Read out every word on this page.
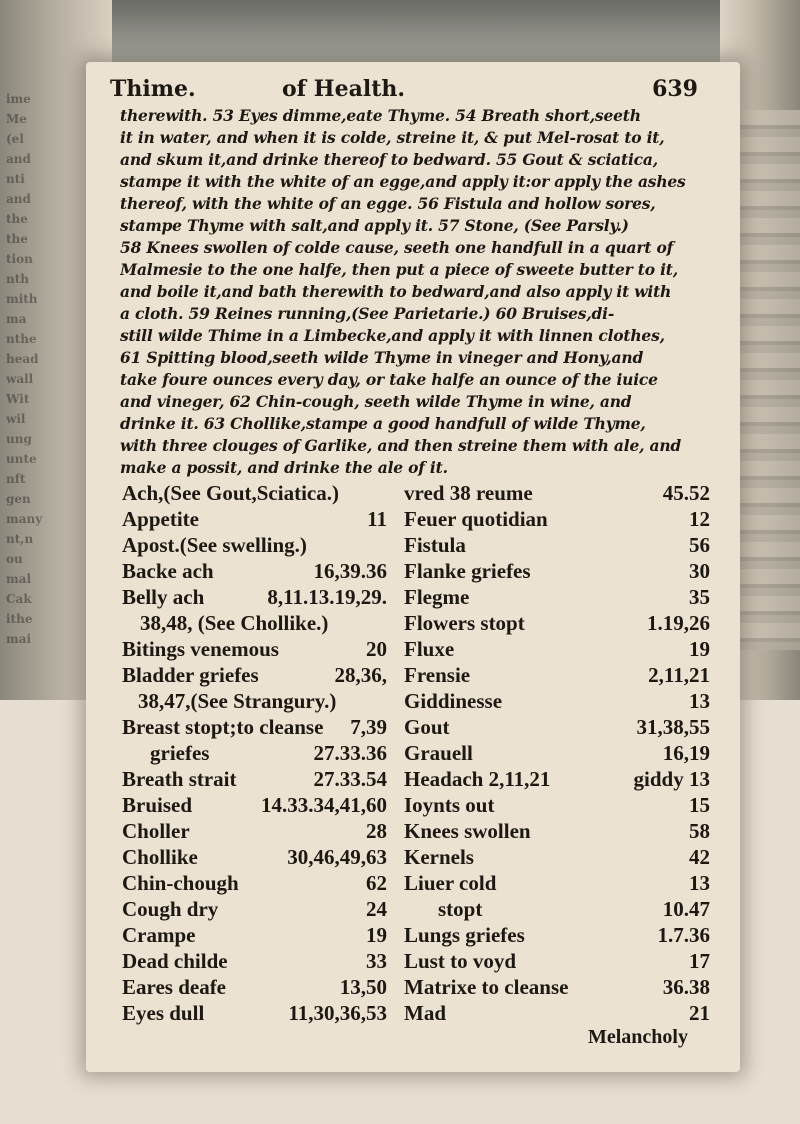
ime
Me
(el
and
nti
and
the
the
tion
nth
mith
ma
nthe
head
wall
Wit
wil
ung
unte
nft
gen
many
nt,n
ou
mal
Cak
ithe
mai
Thime.	of Health.	639
therewith. 53 Eyes dimme,eate Thyme. 54 Breath short,seeth
it in water, and when it is colde, streine it, & put Mel-rosat to it,
and skum it,and drinke thereof to bedward. 55 Gout & sciatica,
stampe it with the white of an egge,and apply it:or apply the ashes
thereof, with the white of an egge. 56 Fistula and hollow sores,
stampe Thyme with salt,and apply it. 57 Stone, (See Parsly.)
58 Knees swollen of colde cause, seeth one handfull in a quart of
Malmesie to the one halfe, then put a piece of sweete butter to it,
and boile it,and bath therewith to bedward,and also apply it with
a cloth. 59 Reines running,(See Parietarie.) 60 Bruises,di-
still wilde Thime in a Limbecke,and apply it with linnen clothes,
61 Spitting blood,seeth wilde Thyme in vineger and Hony,and
take foure ounces every day, or take halfe an ounce of the iuice
and vineger, 62 Chin-cough, seeth wilde Thyme in wine, and
drinke it. 63 Chollike,stampe a good handfull of wilde Thyme,
with three clouges of Garlike, and then streine them with ale, and
make a possit, and drinke the ale of it.
Ach,(See Gout,Sciatica.)
Appetite	11
Apost.(See swelling.)
Backe ach	16,39.36
Belly ach	8,11.13.19,29.
38,48, (See Chollike.)
Bitings venemous	20
Bladder griefes	28,36,
38,47,(See Strangury.)
Breast stopt;to cleanse 7,39
griefes	27.33.36
Breath strait	27.33.54
Bruised	14.33.34,41,60
Choller	28
Chollike	30,46,49,63
Chin-chough	62
Cough dry	24
Crampe	19
Dead childe	33
Eares deafe	13,50
Eyes dull	11,30,36,53
vred 38 reume	45.52
Feuer quotidian	12
Fistula	56
Flanke griefes	30
Flegme	35
Flowers stopt	1.19,26
Fluxe	19
Frensie	2,11,21
Giddinesse	13
Gout	31,38,55
Grauell	16,19
Headach 2,11,21	giddy 13
Ioynts out	15
Knees swollen	58
Kernels	42
Liuer cold	13
stopt	10.47
Lungs griefes	1.7.36
Lust to voyd	17
Matrixe to cleanse	36.38
Mad	21
Melancholy
